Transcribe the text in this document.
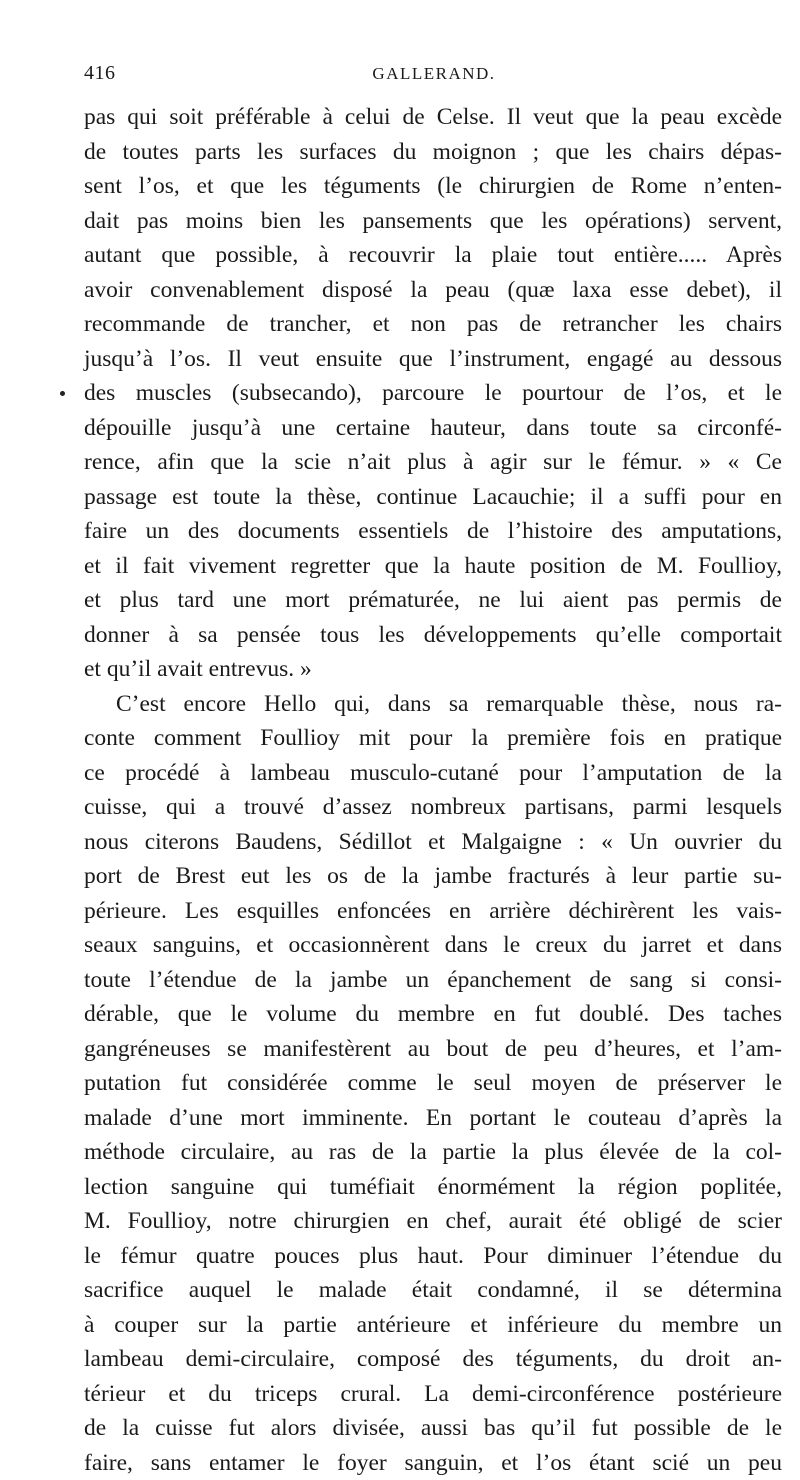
416	GALLERAND.
pas qui soit préférable à celui de Celse. Il veut que la peau excède
de toutes parts les surfaces du moignon ; que les chairs dépas-
sent l’os, et que les téguments (le chirurgien de Rome n’enten-
dait pas moins bien les pansements que les opérations) servent,
autant que possible, à recouvrir la plaie tout entière..... Après
avoir convenablement disposé la peau (quæ laxa esse debet), il
recommande de trancher, et non pas de retrancher les chairs
jusqu’à l’os. Il veut ensuite que l’instrument, engagé au dessous
des muscles (subsecando), parcoure le pourtour de l’os, et le
dépouille jusqu’à une certaine hauteur, dans toute sa circonfé-
rence, afin que la scie n’ait plus à agir sur le fémur. » « Ce
passage est toute la thèse, continue Lacauchie; il a suffi pour en
faire un des documents essentiels de l’histoire des amputations,
et il fait vivement regretter que la haute position de M. Foullioy,
et plus tard une mort prématurée, ne lui aient pas permis de
donner à sa pensée tous les développements qu’elle comportait
et qu’il avait entrevus. »
C’est encore Hello qui, dans sa remarquable thèse, nous ra-
conte comment Foullioy mit pour la première fois en pratique
ce procédé à lambeau musculo-cutané pour l’amputation de la
cuisse, qui a trouvé d’assez nombreux partisans, parmi lesquels
nous citerons Baudens, Sédillot et Malgaigne : « Un ouvrier du
port de Brest eut les os de la jambe fracturés à leur partie su-
périeure. Les esquilles enfoncées en arrière déchirèrent les vais-
seaux sanguins, et occasionnèrent dans le creux du jarret et dans
toute l’étendue de la jambe un épanchement de sang si consi-
dérable, que le volume du membre en fut doublé. Des taches
gangréneuses se manifestèrent au bout de peu d’heures, et l’am-
putation fut considérée comme le seul moyen de préserver le
malade d’une mort imminente. En portant le couteau d’après la
méthode circulaire, au ras de la partie la plus élevée de la col-
lection sanguine qui tuméfiait énormément la région poplitée,
M. Foullioy, notre chirurgien en chef, aurait été obligé de scier
le fémur quatre pouces plus haut. Pour diminuer l’étendue du
sacrifice auquel le malade était condamné, il se détermina
à couper sur la partie antérieure et inférieure du membre un
lambeau demi-circulaire, composé des téguments, du droit an-
térieur et du triceps crural. La demi-circonférence postérieure
de la cuisse fut alors divisée, aussi bas qu’il fut possible de le
faire, sans entamer le foyer sanguin, et l’os étant scié un peu
